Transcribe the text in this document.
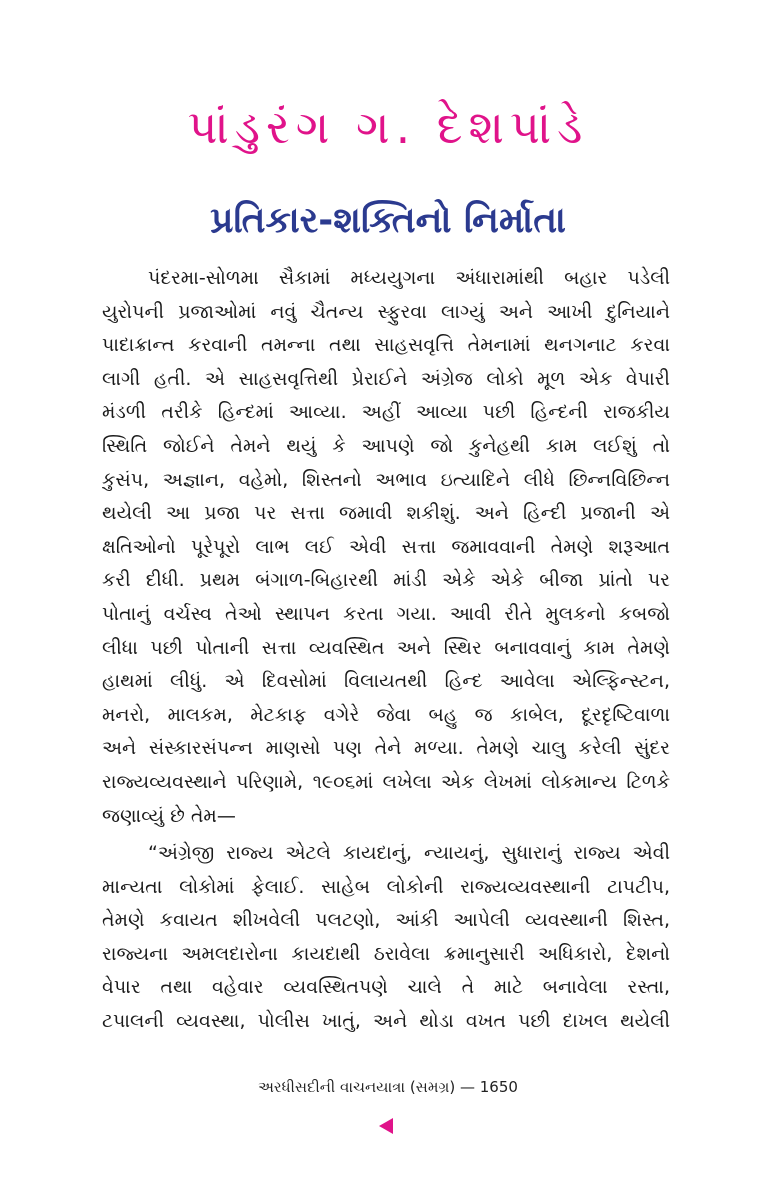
પાંડુરંગ ગ. દેશપાંડે
પ્રતિકાર-શક્તિનો નિર્માતા
પંદરમા-સોળમા સૈકામાં મધ્યયુગના અંધારામાંથી બહાર પડેલી
યુરોપની પ્રજાઓમાં નવું ચૈતન્ય સ્ફુરવા લાગ્યું અને આખી દુનિયાને
પાદાક્રાન્ત કરવાની તમન્ના તથા સાહસવૃત્તિ તેમનામાં થનગનાટ કરવા
લાગી હતી. એ સાહસવૃત્તિથી પ્રેરાઈને અંગ્રેજ લોકો મૂળ એક વેપારી
મંડળી તરીકે હિન્દમાં આવ્યા. અહીં આવ્યા પછી હિન્દની રાજકીય
સ્થિતિ જોઈને તેમને થયું કે આપણે જો કુનેહથી કામ લઈશું તો
કુસંપ, અજ્ઞાન, વહેમો, શિસ્તનો અભાવ ઇત્યાદિને લીધે છિન્નવિછિન્ન
થયેલી આ પ્રજા પર સત્તા જમાવી શકીશું. અને હિન્દી પ્રજાની એ
ક્ષતિઓનો પૂરેપૂરો લાભ લઈ એવી સત્તા જમાવવાની તેમણે શરૂઆત
કરી દીધી. પ્રથમ બંગાળ-બિહારથી માંડી એકે એકે બીજા પ્રાંતો પર
પોતાનું વર્ચસ્વ તેઓ સ્થાપન કરતા ગયા. આવી રીતે મુલકનો કબજો
લીધા પછી પોતાની સત્તા વ્યવસ્થિત અને સ્થિર બનાવવાનું કામ તેમણે
હાથમાં લીધું. એ દિવસોમાં વિલાયતથી હિન્દ આવેલા એલ્ફિન્સ્ટન,
મનરો, માલકમ, મેટકાફ વગેરે જેવા બહુ જ કાબેલ, દૂરદૃષ્ટિવાળા
અને સંસ્કારસંપન્ન માણસો પણ તેને મળ્યા. તેમણે ચાલુ કરેલી સુંદર
રાજ્યવ્યવસ્થાને પરિણામે, ૧૯૦૬માં લખેલા એક લેખમાં લોકમાન્ય ટિળકે
જણાવ્યું છે તેમ—
“અંગ્રેજી રાજ્ય એટલે કાયદાનું, ન્યાયનું, સુધારાનું રાજ્ય એવી
માન્યતા લોકોમાં ફેલાઈ. સાહેબ લોકોની રાજ્યવ્યવસ્થાની ટાપટીપ,
તેમણે કવાયત શીખવેલી પલટણો, આંકી આપેલી વ્યવસ્થાની શિસ્ત,
રાજ્યના અમલદારોના કાયદાથી ઠરાવેલા ક્રમાનુસારી અધિકારો, દેશનો
વેપાર તથા વહેવાર વ્યવસ્થિતપણે ચાલે તે માટે બનાવેલા રસ્તા,
ટપાલની વ્યવસ્થા, પોલીસ ખાતું, અને થોડા વખત પછી દાખલ થયેલી
અરધીસદીની વાચનયાત્રા (સમગ્ર) — 1650
